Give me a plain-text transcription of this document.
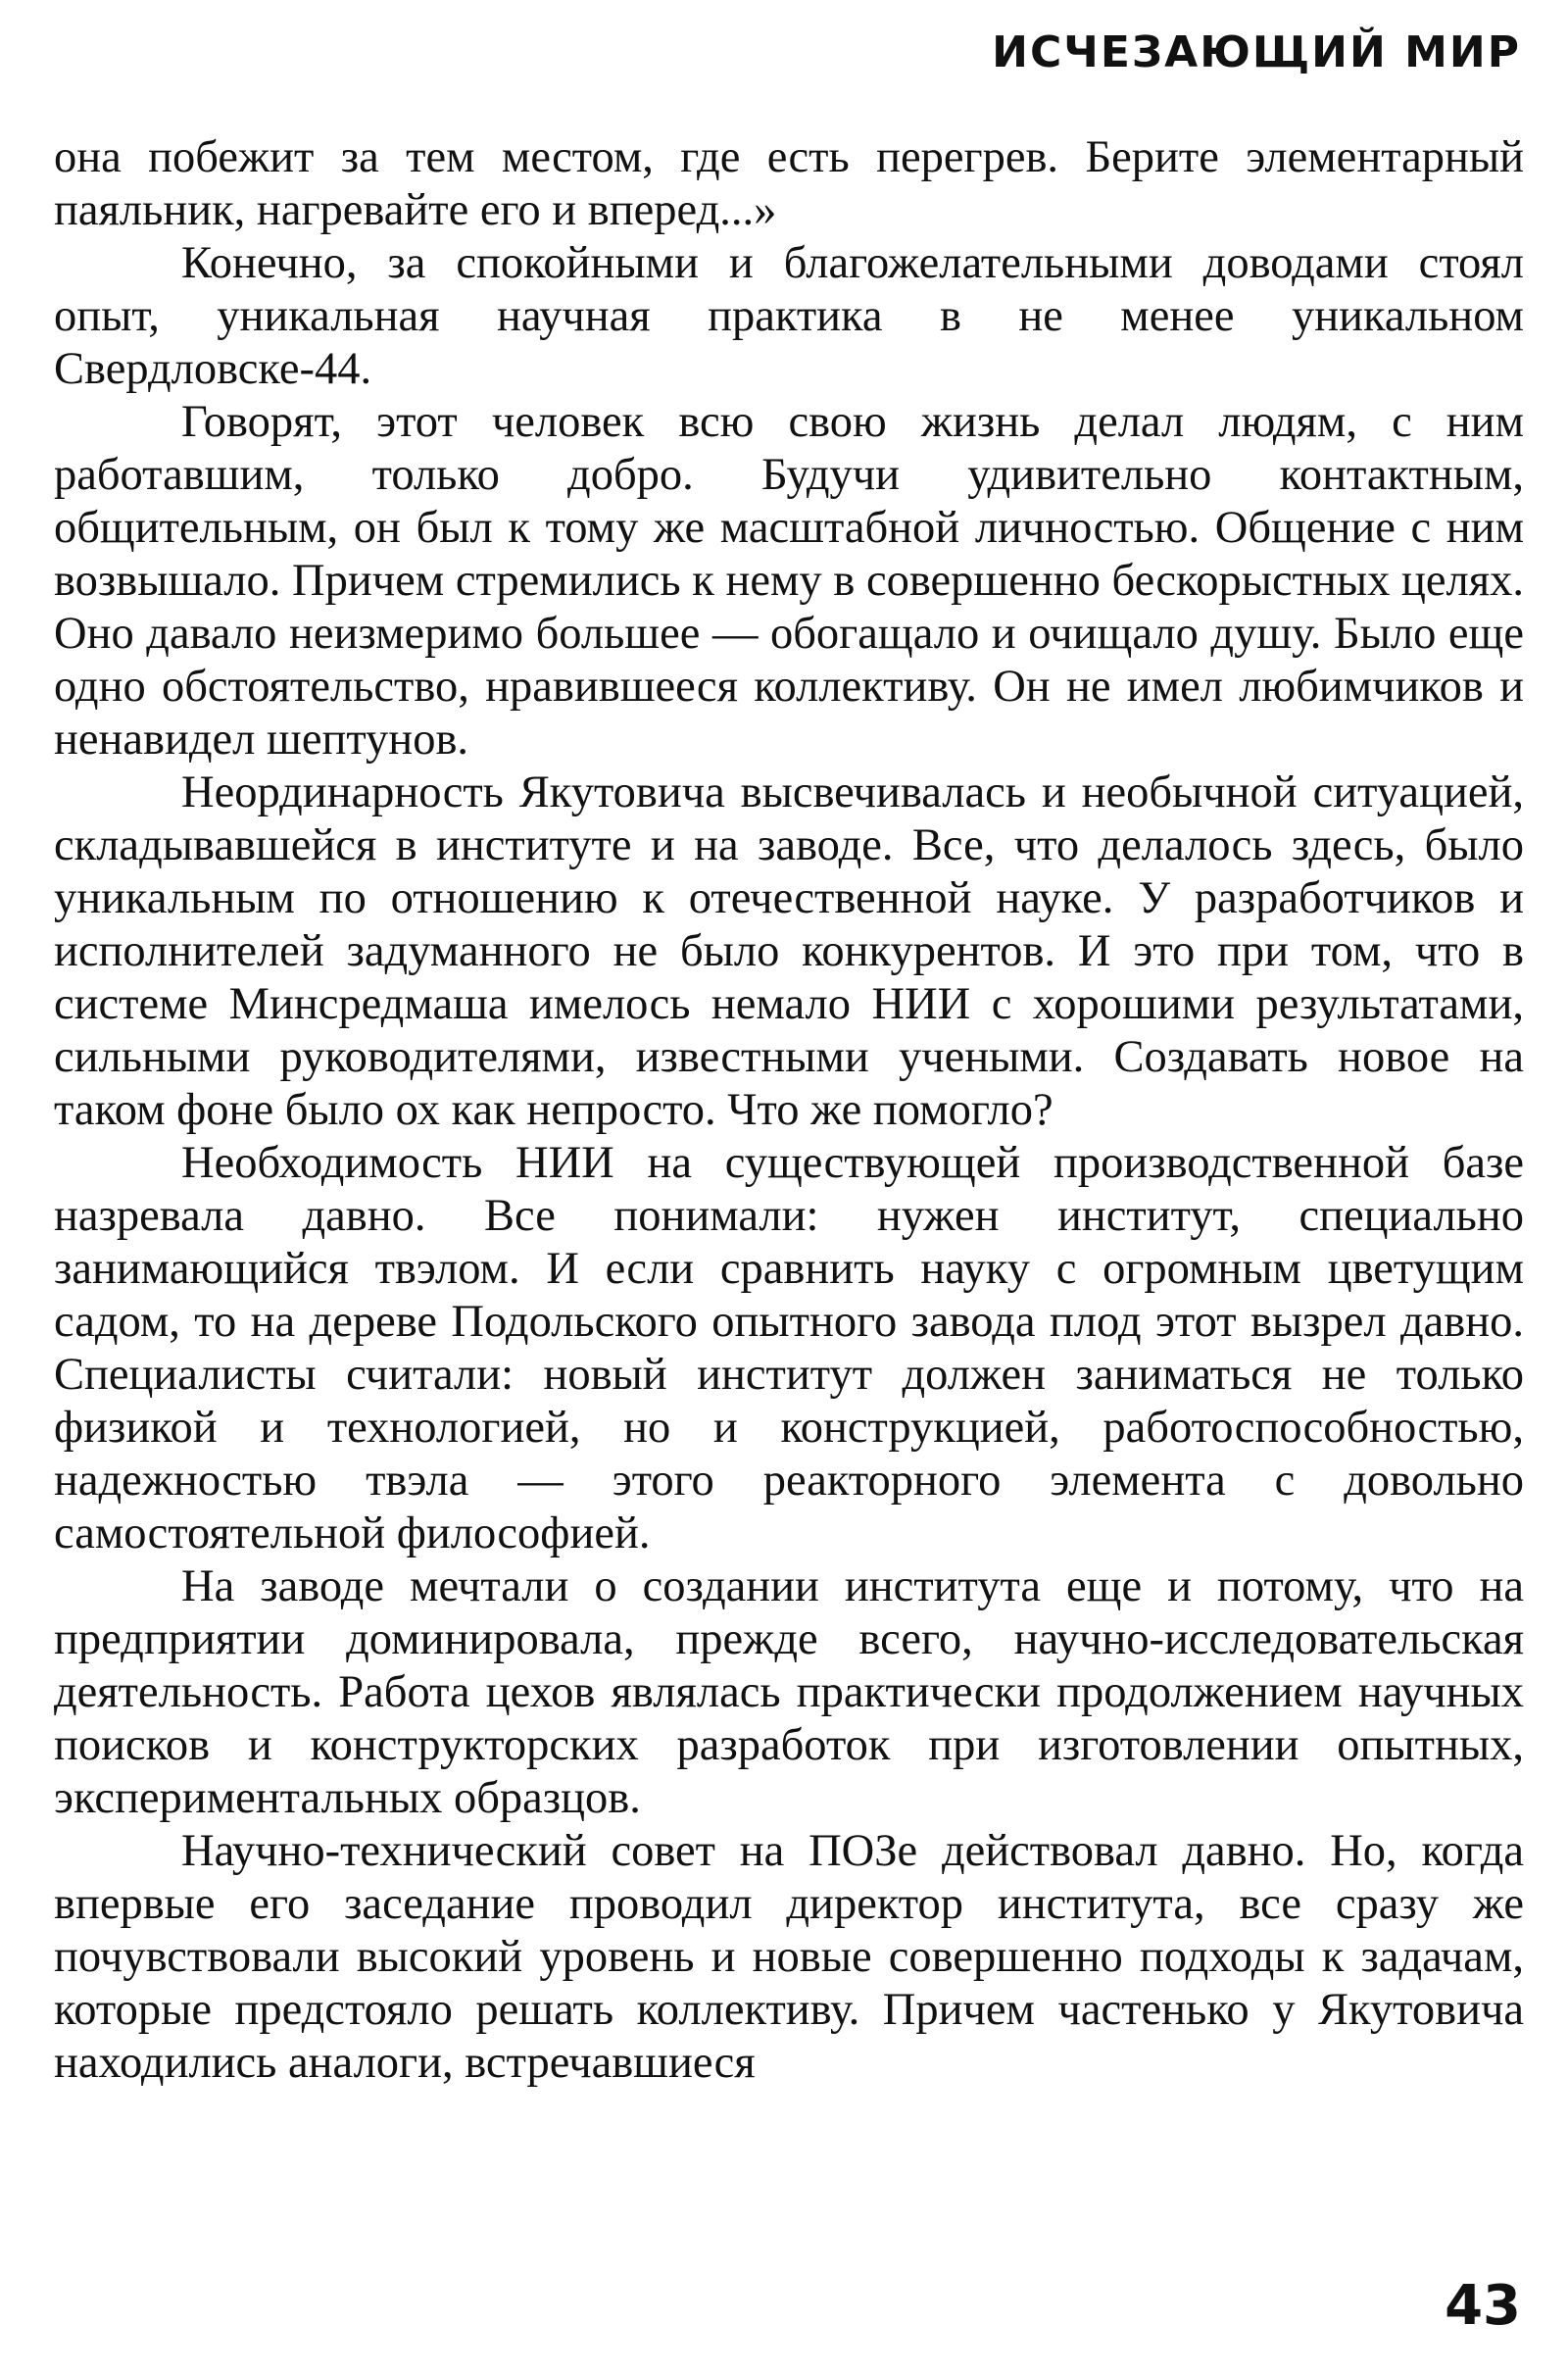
ИСЧЕЗАЮЩИЙ МИР

она побежит за тем местом, где есть перегрев. Берите элементарный паяльник, нагревайте его и вперед...»

Конечно, за спокойными и благожелательными доводами стоял опыт, уникальная научная практика в не менее уникальном Свердловске-44.

Говорят, этот человек всю свою жизнь делал людям, с ним работавшим, только добро. Будучи удивительно контактным, общительным, он был к тому же масштабной личностью. Общение с ним возвышало. Причем стремились к нему в совершенно бескорыстных целях. Оно давало неизмеримо большее — обогащало и очищало душу. Было еще одно обстоятельство, нравившееся коллективу. Он не имел любимчиков и ненавидел шептунов.

Неординарность Якутовича высвечивалась и необычной ситуацией, складывавшейся в институте и на заводе. Все, что делалось здесь, было уникальным по отношению к отечественной науке. У разработчиков и исполнителей задуманного не было конкурентов. И это при том, что в системе Минсредмаша имелось немало НИИ с хорошими результатами, сильными руководителями, известными учеными. Создавать новое на таком фоне было ох как непросто. Что же помогло?

Необходимость НИИ на существующей производственной базе назревала давно. Все понимали: нужен институт, специально занимающийся твэлом. И если сравнить науку с огромным цветущим садом, то на дереве Подольского опытного завода плод этот вызрел давно. Специалисты считали: новый институт должен заниматься не только физикой и технологией, но и конструкцией, работоспособностью, надежностью твэла — этого реакторного элемента с довольно самостоятельной философией.

На заводе мечтали о создании института еще и потому, что на предприятии доминировала, прежде всего, научно-исследовательская деятельность. Работа цехов являлась практически продолжением научных поисков и конструкторских разработок при изготовлении опытных, экспериментальных образцов.

Научно-технический совет на ПОЗе действовал давно. Но, когда впервые его заседание проводил директор института, все сразу же почувствовали высокий уровень и новые совершенно подходы к задачам, которые предстояло решать коллективу. Причем частенько у Якутовича находились аналоги, встречавшиеся

43
